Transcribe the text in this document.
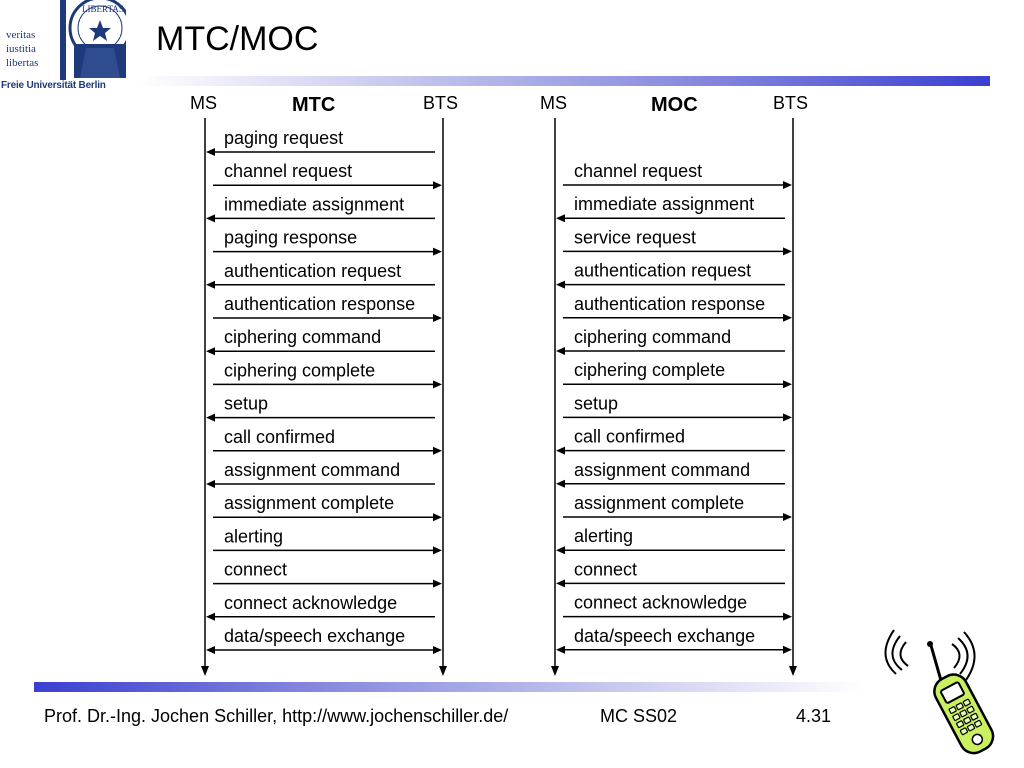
veritas
iustitia
libertas
LIBERTAS
Freie Universität Berlin
MTC/MOC
MS	MTC	BTS
paging request
channel request
immediate assignment
paging response
authentication request
authentication response
ciphering command
ciphering complete
setup
call confirmed
assignment command
assignment complete
alerting
connect
connect acknowledge
data/speech exchange
MS	MOC	BTS
channel request
immediate assignment
service request
authentication request
authentication response
ciphering command
ciphering complete
setup
call confirmed
assignment command
assignment complete
alerting
connect
connect acknowledge
data/speech exchange
Prof. Dr.-Ing. Jochen Schiller, http://www.jochenschiller.de/	MC SS02	4.31
